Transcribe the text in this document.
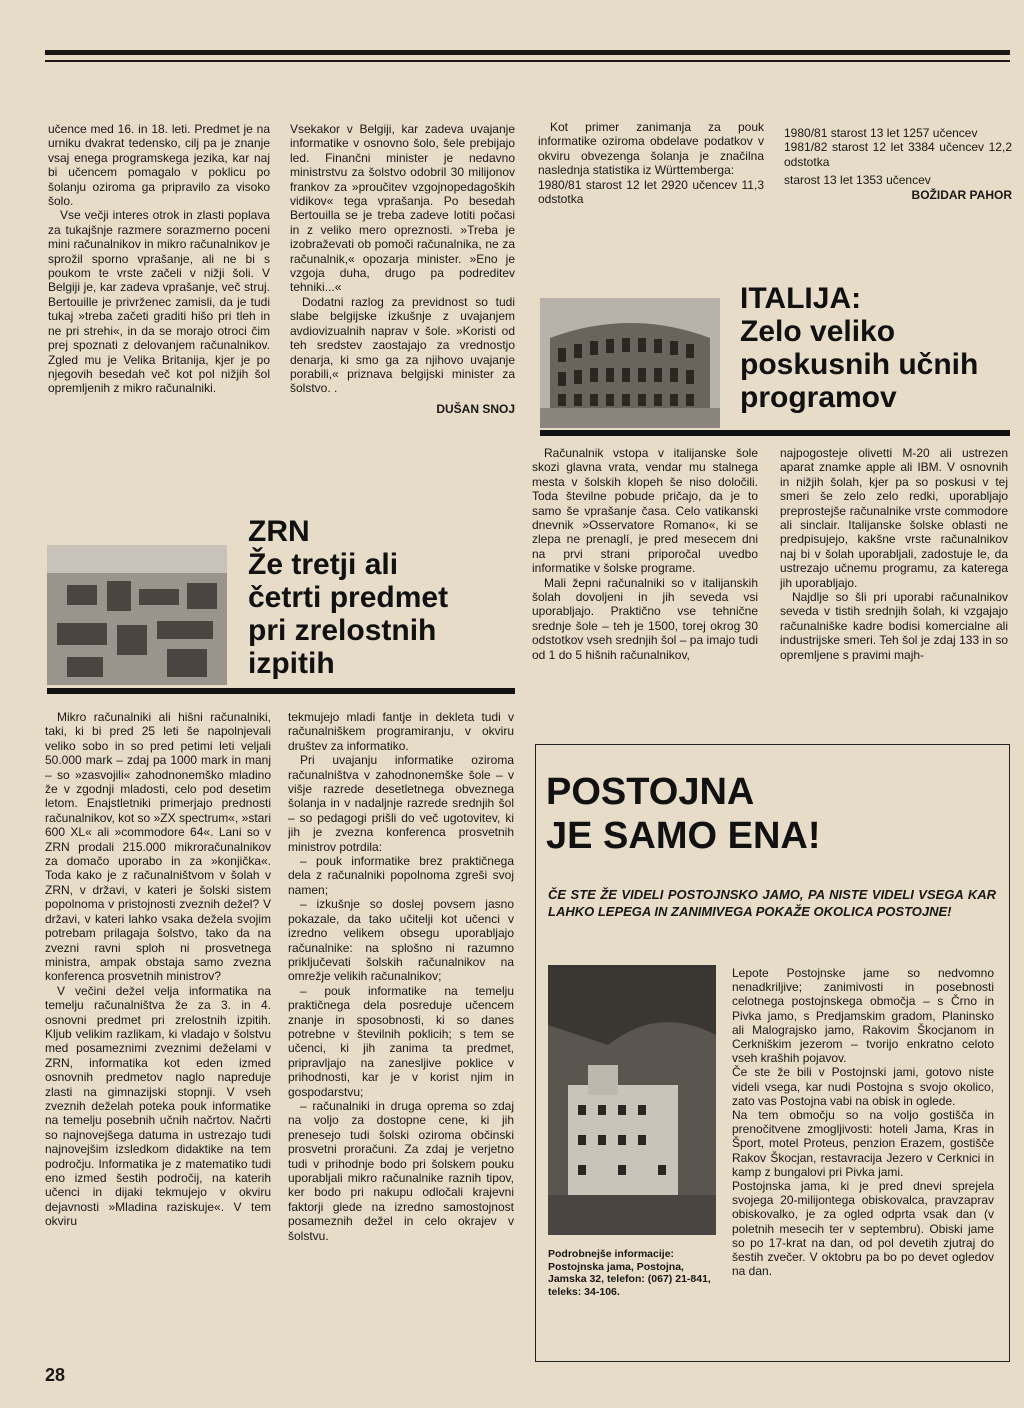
učence med 16. in 18. leti. Predmet je na urniku dvakrat tedensko, cilj pa je znanje vsaj enega programskega jezika, kar naj bi učencem pomagalo v poklicu po šolanju oziroma ga pripravilo za visoko šolo.

Vse večji interes otrok in zlasti poplava za tukajšnje razmere sorazmerno poceni mini računalnikov in mikro računalnikov je sprožil sporno vprašanje, ali ne bi s poukom te vrste začeli v nižji šoli. V Belgiji je, kar zadeva vprašanje, več struj. Bertouille je privrženec zamisli, da je tudi tukaj »treba začeti graditi hišo pri tleh in ne pri strehi«, in da se morajo otroci čim prej spoznati z delovanjem računalnikov. Zgled mu je Velika Britanija, kjer je po njegovih besedah več kot pol nižjih šol opremljenih z mikro računalniki.

Vsekakor v Belgiji, kar zadeva uvajanje informatike v osnovno šolo, šele prebijajo led. Finančni minister je nedavno ministrstvu za šolstvo odobril 30 milijonov frankov za »proučitev vzgojnopedagoških vidikov« tega vprašanja. Po besedah Bertouilla se je treba zadeve lotiti počasi in z veliko mero opreznosti. »Treba je izobraževati ob pomoči računalnika, ne za računalnik,« opozarja minister. »Eno je vzgoja duha, drugo pa podreditev tehniki...«

Dodatni razlog za previdnost so tudi slabe belgijske izkušnje z uvajanjem avdiovizualnih naprav v šole. »Koristi od teh sredstev zaostajajo za vrednostjo denarja, ki smo ga za njihovo uvajanje porabili,« priznava belgijski minister za šolstvo. .

DUŠAN SNOJ

Kot primer zanimanja za pouk informatike oziroma obdelave podatkov v okviru obvezenga šolanja je značilna naslednja statistika iz Württemberga:

1980/81 starost 12 let 2920 učencev 11,3 odstotka

1980/81 starost 13 let 1257 učencev

1981/82 starost 12 let 3384 učencev 12,2 odstotka

starost 13 let 1353 učencev

BOŽIDAR PAHOR

ITALIJA:
Zelo veliko
poskusnih učnih
programov

Računalnik vstopa v italijanske šole skozi glavna vrata, vendar mu stalnega mesta v šolskih klopeh še niso določili. Toda številne pobude pričajo, da je to samo še vprašanje časa. Celo vatikanski dnevnik »Osservatore Romano«, ki se zlepa ne prenaglí, je pred mesecem dni na prvi strani priporočal uvedbo informatike v šolske programe.

Mali žepni računalniki so v italijanskih šolah dovoljeni in jih seveda vsi uporabljajo. Praktično vse tehnične srednje šole – teh je 1500, torej okrog 30 odstotkov vseh srednjih šol – pa imajo tudi od 1 do 5 hišnih računalnikov,

najpogosteje olivetti M-20 ali ustrezen aparat znamke apple ali IBM. V osnovnih in nižjih šolah, kjer pa so poskusi v tej smeri še zelo zelo redki, uporabljajo preprostejše računalnike vrste commodore ali sinclair. Italijanske šolske oblasti ne predpisujejo, kakšne vrste računalnikov naj bi v šolah uporabljali, zadostuje le, da ustrezajo učnemu programu, za katerega jih uporabljajo.

Najdlje so šli pri uporabi računalnikov seveda v tistih srednjih šolah, ki vzgajajo računalniške kadre bodisi komercialne ali industrijske smeri. Teh šol je zdaj 133 in so opremljene s pravimi majh-

ZRN
Že tretji ali
četrti predmet
pri zrelostnih
izpitih

Mikro računalniki ali hišni računalniki, taki, ki bi pred 25 leti še napolnjevali veliko sobo in so pred petimi leti veljali 50.000 mark – zdaj pa 1000 mark in manj – so »zasvojili« zahodnonemško mladino že v zgodnji mladosti, celo pod desetim letom. Enajstletniki primerjajo prednosti računalnikov, kot so »ZX spectrum«, »stari 600 XL« ali »commodore 64«. Lani so v ZRN prodali 215.000 mikroračunalnikov za domačo uporabo in za »konjička«. Toda kako je z računalništvom v šolah v ZRN, v državi, v kateri je šolski sistem popolnoma v pristojnosti zveznih dežel? V državi, v kateri lahko vsaka dežela svojim potrebam prilagaja šolstvo, tako da na zvezni ravni sploh ni prosvetnega ministra, ampak obstaja samo zvezna konferenca prosvetnih ministrov?

V večini dežel velja informatika na temelju računalništva že za 3. in 4. osnovni predmet pri zrelostnih izpitih. Kljub velikim razlikam, ki vladajo v šolstvu med posameznimi zveznimi deželami v ZRN, informatika kot eden izmed osnovnih predmetov naglo napreduje zlasti na gimnazijski stopnji. V vseh zveznih deželah poteka pouk informatike na temelju posebnih učnih načrtov. Načrti so najnovejšega datuma in ustrezajo tudi najnovejšim izsledkom didaktike na tem področju. Informatika je z matematiko tudi eno izmed šestih področij, na katerih učenci in dijaki tekmujejo v okviru dejavnosti »Mladina raziskuje«. V tem okviru

tekmujejo mladi fantje in dekleta tudi v računalniškem programiranju, v okviru društev za informatiko.

Pri uvajanju informatike oziroma računalništva v zahodnonemške šole – v višje razrede desetletnega obveznega šolanja in v nadaljnje razrede srednjih šol – so pedagogi prišli do več ugotovitev, ki jih je zvezna konferenca prosvetnih ministrov potrdila:

– pouk informatike brez praktičnega dela z računalniki popolnoma zgreši svoj namen;

– izkušnje so doslej povsem jasno pokazale, da tako učitelji kot učenci v izredno velikem obsegu uporabljajo računalnike: na splošno ni razumno priključevati šolskih računalnikov na omrežje velikih računalnikov;

– pouk informatike na temelju praktičnega dela posreduje učencem znanje in sposobnosti, ki so danes potrebne v številnih poklicih; s tem se učenci, ki jih zanima ta predmet, pripravljajo na zanesljive poklice v prihodnosti, kar je v korist njim in gospodarstvu;

– računalniki in druga oprema so zdaj na voljo za dostopne cene, ki jih prenesejo tudi šolski oziroma občinski prosvetni proračuni. Za zdaj je verjetno tudi v prihodnje bodo pri šolskem pouku uporabljali mikro računalnike raznih tipov, ker bodo pri nakupu odločali krajevni faktorji glede na izredno samostojnost posameznih dežel in celo okrajev v šolstvu.

POSTOJNA
JE SAMO ENA!
ČE STE ŽE VIDELI POSTOJNSKO JAMO, PA NISTE VIDELI VSEGA KAR LAHKO LEPEGA IN ZANIMIVEGA POKAŽE OKOLICA POSTOJNE!
Podrobnejše informacije: Postojnska jama, Postojna, Jamska 32, telefon: (067) 21-841, teleks: 34-106.

Lepote Postojnske jame so nedvomno nenadkriljive; zanimivosti in posebnosti celotnega postojnskega območja – s Črno in Pivka jamo, s Predjamskim gradom, Planinsko ali Malograjsko jamo, Rakovim Škocjanom in Cerkniškim jezerom – tvorijo enkratno celoto vseh krašhih pojavov.

Če ste že bili v Postojnski jami, gotovo niste videli vsega, kar nudi Postojna s svojo okolico, zato vas Postojna vabi na obisk in oglede.

Na tem območju so na voljo gostišča in prenočitvene zmogljivosti: hoteli Jama, Kras in Šport, motel Proteus, penzion Erazem, gostišče Rakov Škocjan, restavracija Jezero v Cerknici in kamp z bungalovi pri Pivka jami.

Postojnska jama, ki je pred dnevi sprejela svojega 20-milijontega obiskovalca, pravzaprav obiskovalko, je za ogled odprta vsak dan (v poletnih mesecih ter v septembru). Obiski jame so po 17-krat na dan, od pol devetih zjutraj do šestih zvečer. V oktobru pa bo po devet ogledov na dan.

28
